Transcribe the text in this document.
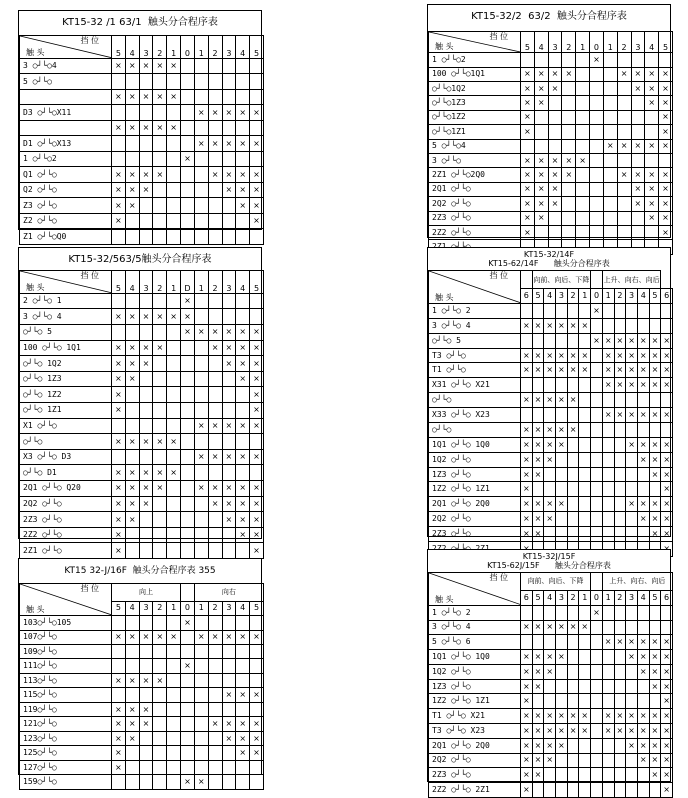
KT15-32 /1 63/1  触头分合程序表
挡 位
触 头	5	4	3	2	1	0	1	2	3	4	5
3 ○┘└○4	×	×	×	×	×						
5 ○┘└○											
	×	×	×	×	×						
D3 ○┘└○X11							×	×	×	×	×
	×	×	×	×	×						
D1 ○┘└○X13							×	×	×	×	×
1 ○┘└○2						×					
Q1 ○┘└○	×	×	×	×				×	×	×	×
Q2 ○┘└○	×	×	×						×	×	×
Z3 ○┘└○	×	×								×	×
Z2 ○┘└○	×										×
Z1 ○┘└○Q0											
KT15-32/2  63/2  触头分合程序表
挡 位
触 头	5	4	3	2	1	0	1	2	3	4	5
1 ○┘└○2						×					
100 ○┘└○1Q1	×	×	×	×				×	×	×	×
○┘└○1Q2	×	×	×						×	×	×
○┘└○1Z3	×	×								×	×
○┘└○1Z2	×										×
○┘└○1Z1	×										×
5 ○┘└○4							×	×	×	×	×
3 ○┘└○	×	×	×	×	×						
2Z1 ○┘└○2Q0	×	×	×	×				×	×	×	×
2Q1 ○┘└○	×	×	×						×	×	×
2Q2 ○┘└○	×	×	×						×	×	×
2Z3 ○┘└○	×	×								×	×
2Z2 ○┘└○	×										×

KT15-32/563/5触头分合程序表
挡 位
触 头	5	4	3	2	1	D	1	2	3	4	5
2 ○┘└○ 1						×					
3 ○┘└○ 4	×	×	×	×	×	×					
○┘└○ 5						×	×	×	×	×	×
100 ○┘└○ 1Q1	×	×	×	×				×	×	×	×
○┘└○ 1Q2	×	×	×						×	×	×
○┘└○ 1Z3	×	×								×	×
○┘└○ 1Z2	×										×
○┘└○ 1Z1	×										×
X1 ○┘└○							×	×	×	×	×
○┘└○	×	×	×	×	×						
X3 ○┘└○ D3							×	×	×	×	×
○┘└○ D1	×	×	×	×	×						
2Q1 ○┘└○ Q20	×	×	×	×			×	×	×	×	×
2Q2 ○┘└○	×	×	×					×	×	×	×
2Z3 ○┘└○	×	×							×	×	×
2Z2 ○┘└○	×									×	×
2Z1 ○┘└○	×										×
KT15-32/14F
KT15-62/14F      触头分合程序表
挡 位
触 头		向前、向后、下降						上升、向右、向后					
	6	5	4	3	2	1	0	1	2	3	4	5	6
1 ○┘└○ 2							×						
3 ○┘└○ 4	×	×	×	×	×	×							
○┘└○ 5							×	×	×	×	×	×	×
T3 ○┘└○	×	×	×	×	×	×		×	×	×	×	×	×
T1 ○┘└○	×	×	×	×	×	×		×	×	×	×	×	×
X31 ○┘└○ X21								×	×	×	×	×	×
○┘└○	×	×	×	×	×								
X33 ○┘└○ X23								×	×	×	×	×	×
○┘└○	×	×	×	×	×								
1Q1 ○┘└○ 1Q0	×	×	×	×						×	×	×	×
1Q2 ○┘└○	×	×	×								×	×	×
1Z3 ○┘└○	×	×										×	×
1Z2 ○┘└○ 1Z1	×												×
2Q1 ○┘└○ 2Q0	×	×	×	×						×	×	×	×
2Q2 ○┘└○	×	×	×								×	×	×
2Z3 ○┘└○	×	×										×	×

KT15 32-J/16F  触头分合程序表 355
挡 位
触 头	向上						向右				
	5	4	3	2	1	0	1	2	3	4	5
103○┘└○105						×					
107○┘└○	×	×	×	×	×		×	×	×	×	×
109○┘└○											
111○┘└○						×					
113○┘└○	×	×	×	×							
115○┘└○									×	×	×
119○┘└○	×	×	×								
121○┘└○	×	×	×					×	×	×	×
123○┘└○	×	×							×	×	×
125○┘└○	×									×	×
127○┘└○	×										
159○┘└○						×	×				
KT15-32J/15F
KT15-62J/15F      触头分合程序表
挡 位
触 头	向前、向后、下降							上升、向右、向后					
	6	5	4	3	2	1	0	1	2	3	4	5	6
1 ○┘└○ 2							×						
3 ○┘└○ 4	×	×	×	×	×	×							
5 ○┘└○ 6								×	×	×	×	×	×
1Q1 ○┘└○ 1Q0	×	×	×	×						×	×	×	×
1Q2 ○┘└○	×	×	×								×	×	×
1Z3 ○┘└○	×	×										×	×
1Z2 ○┘└○ 1Z1	×												×
T1 ○┘└○ X21	×	×	×	×	×	×		×	×	×	×	×	×
T3 ○┘└○ X23	×	×	×	×	×	×		×	×	×	×	×	×
2Q1 ○┘└○ 2Q0	×	×	×	×						×	×	×	×
2Q2 ○┘└○	×	×	×								×	×	×
2Z3 ○┘└○	×	×										×	×
2Z2 ○┘└○ 2Z1	×												×
